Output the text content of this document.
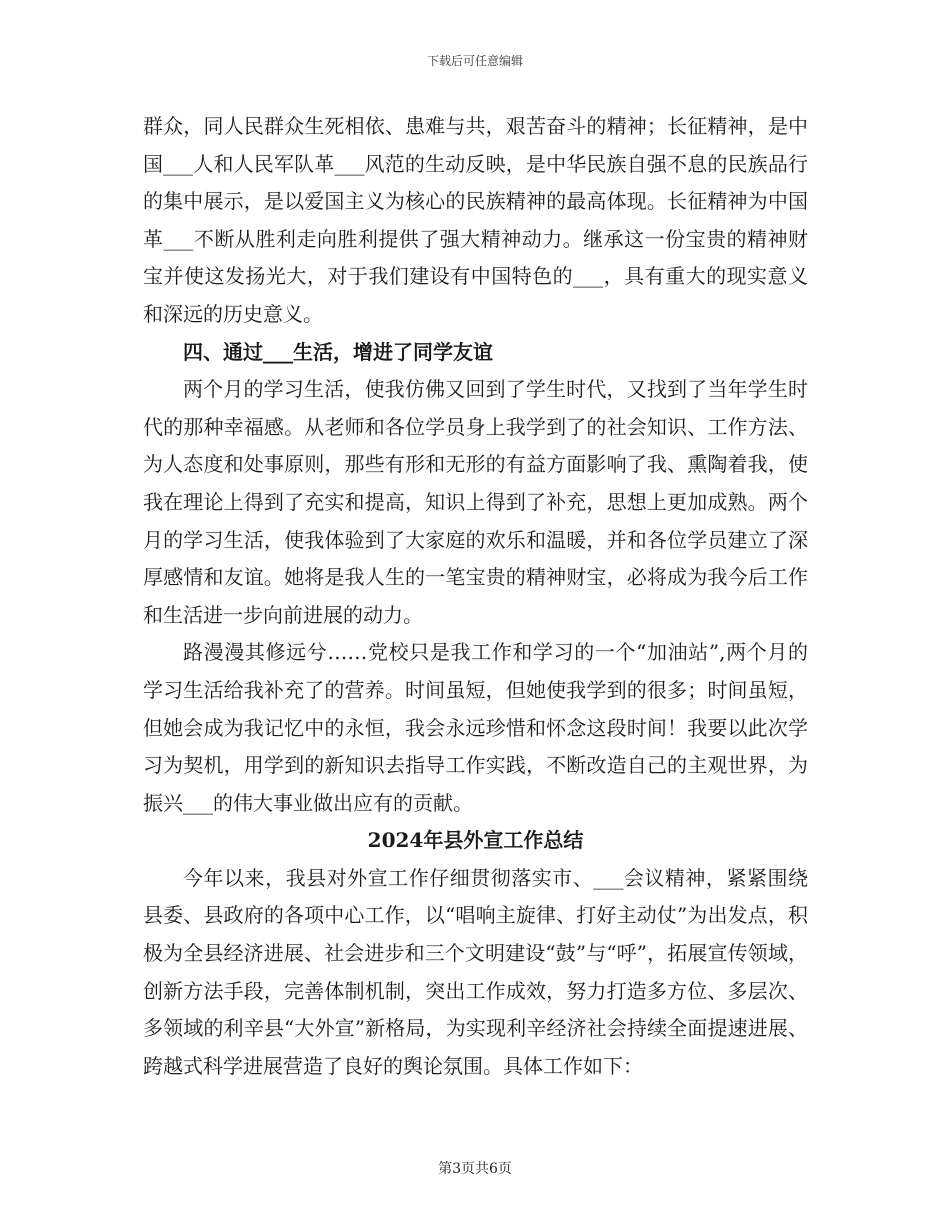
下载后可任意编辑

群众，同人民群众生死相依、患难与共，艰苦奋斗的精神；长征精神，是中国___人和人民军队革___风范的生动反映，是中华民族自强不息的民族品行的集中展示，是以爱国主义为核心的民族精神的最高体现。长征精神为中国革___不断从胜利走向胜利提供了强大精神动力。继承这一份宝贵的精神财宝并使这发扬光大，对于我们建设有中国特色的___，具有重大的现实意义和深远的历史意义。

四、通过___生活，增进了同学友谊

两个月的学习生活，使我仿佛又回到了学生时代，又找到了当年学生时代的那种幸福感。从老师和各位学员身上我学到了的社会知识、工作方法、为人态度和处事原则，那些有形和无形的有益方面影响了我、熏陶着我，使我在理论上得到了充实和提高，知识上得到了补充，思想上更加成熟。两个月的学习生活，使我体验到了大家庭的欢乐和温暖，并和各位学员建立了深厚感情和友谊。她将是我人生的一笔宝贵的精神财宝，必将成为我今后工作和生活进一步向前进展的动力。

路漫漫其修远兮……党校只是我工作和学习的一个“加油站”,两个月的学习生活给我补充了的营养。时间虽短，但她使我学到的很多；时间虽短，但她会成为我记忆中的永恒，我会永远珍惜和怀念这段时间！我要以此次学习为契机，用学到的新知识去指导工作实践，不断改造自己的主观世界，为振兴___的伟大事业做出应有的贡献。

2024年县外宣工作总结

今年以来，我县对外宣工作仔细贯彻落实市、___会议精神，紧紧围绕县委、县政府的各项中心工作，以“唱响主旋律、打好主动仗”为出发点，积极为全县经济进展、社会进步和三个文明建设“鼓”与“呼”，拓展宣传领域，创新方法手段，完善体制机制，突出工作成效，努力打造多方位、多层次、多领域的利辛县“大外宣”新格局，为实现利辛经济社会持续全面提速进展、跨越式科学进展营造了良好的舆论氛围。具体工作如下：

第3页共6页
